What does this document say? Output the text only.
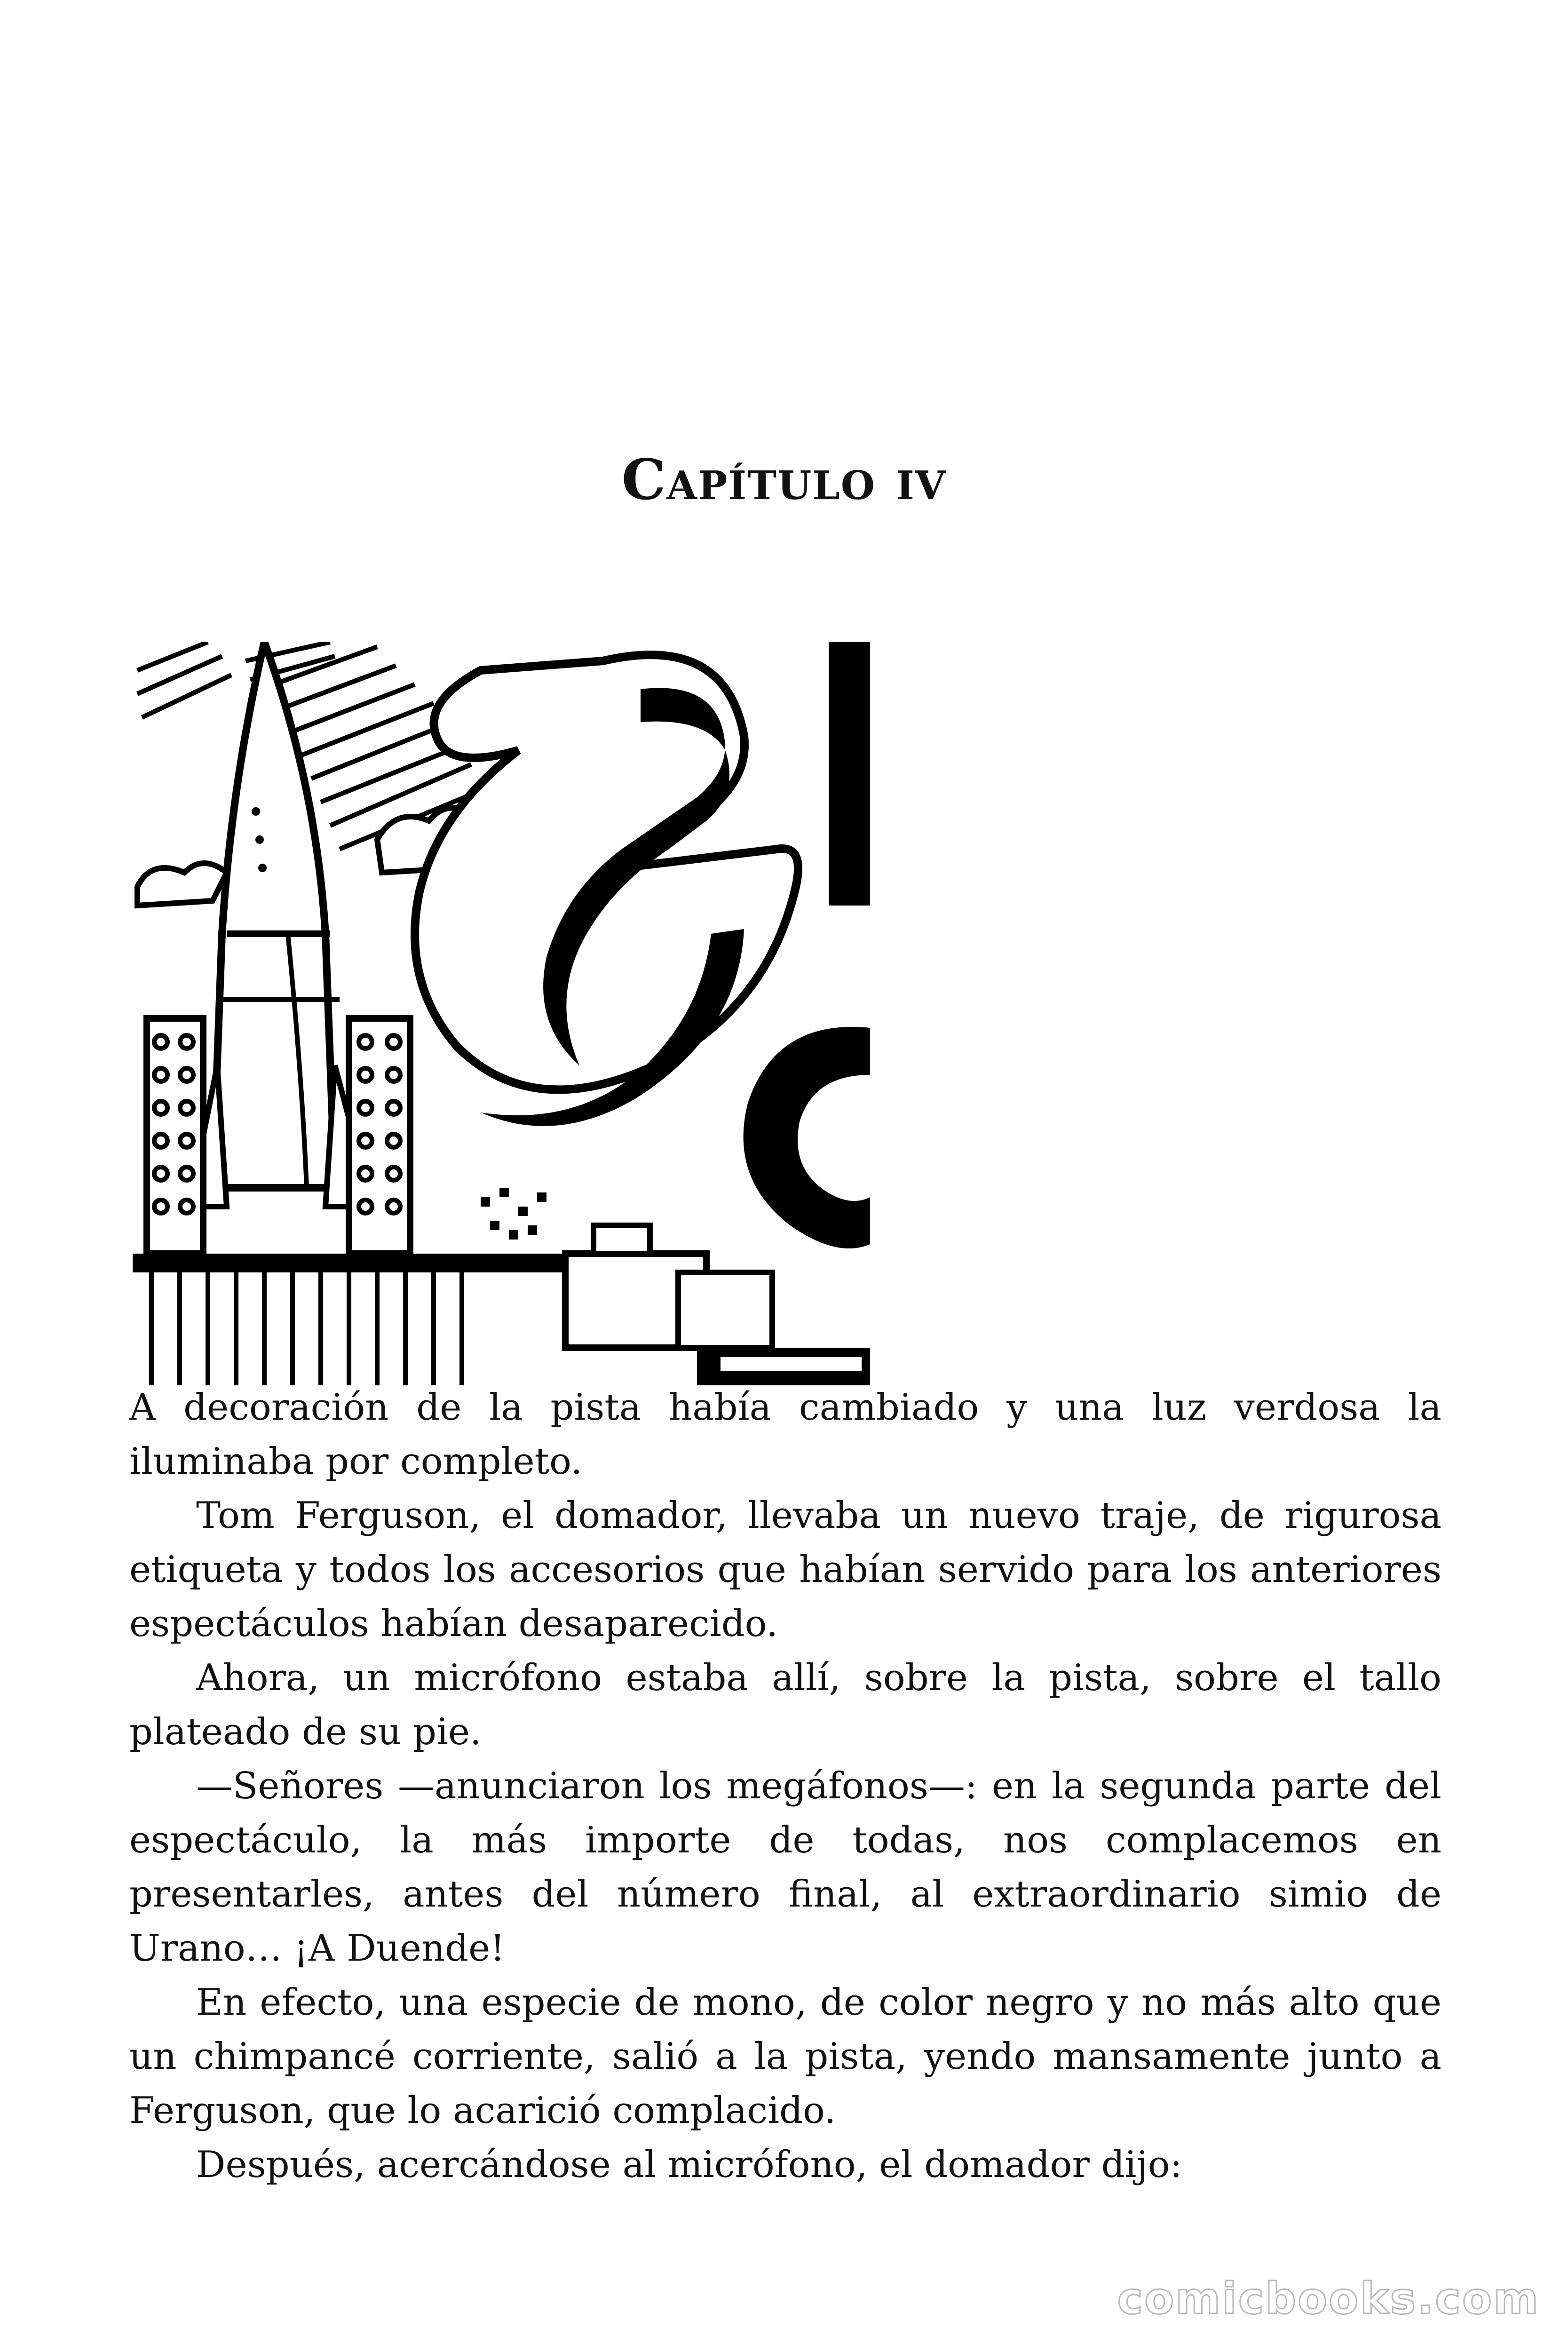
Capítulo iv

A decoración de la pista había cambiado y una luz verdosa la iluminaba por completo.

Tom Ferguson, el domador, llevaba un nuevo traje, de rigurosa etiqueta y todos los accesorios que habían servido para los anteriores espectáculos habían desaparecido.

Ahora, un micrófono estaba allí, sobre la pista, sobre el tallo plateado de su pie.

—Señores —anunciaron los megáfonos—: en la segunda parte del espectáculo, la más importe de todas, nos complacemos en presentarles, antes del número final, al extraordinario simio de Urano… ¡A Duende!

En efecto, una especie de mono, de color negro y no más alto que un chimpancé corriente, salió a la pista, yendo mansamente junto a Ferguson, que lo acarició complacido.

Después, acercándose al micrófono, el domador dijo:

comicbooks.com
